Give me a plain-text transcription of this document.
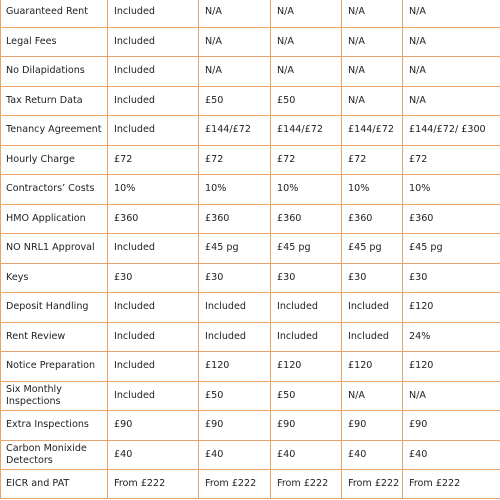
Guaranteed Rent	Included	N/A	N/A	N/A	N/A
Legal Fees	Included	N/A	N/A	N/A	N/A
No Dilapidations	Included	N/A	N/A	N/A	N/A
Tax Return Data	Included	£50	£50	N/A	N/A
Tenancy Agreement	Included	£144/£72	£144/£72	£144/£72	£144/£72/ £300
Hourly Charge	£72	£72	£72	£72	£72
Contractors’ Costs	10%	10%	10%	10%	10%
HMO Application	£360	£360	£360	£360	£360
NO NRL1 Approval	Included	£45 pg	£45 pg	£45 pg	£45 pg
Keys	£30	£30	£30	£30	£30
Deposit Handling	Included	Included	Included	Included	£120
Rent Review	Included	Included	Included	Included	24%
Notice Preparation	Included	£120	£120	£120	£120
Six Monthly Inspections	Included	£50	£50	N/A	N/A
Extra Inspections	£90	£90	£90	£90	£90
Carbon Monixide Detectors	£40	£40	£40	£40	£40
EICR and PAT	From £222	From £222	From £222	From £222	From £222
